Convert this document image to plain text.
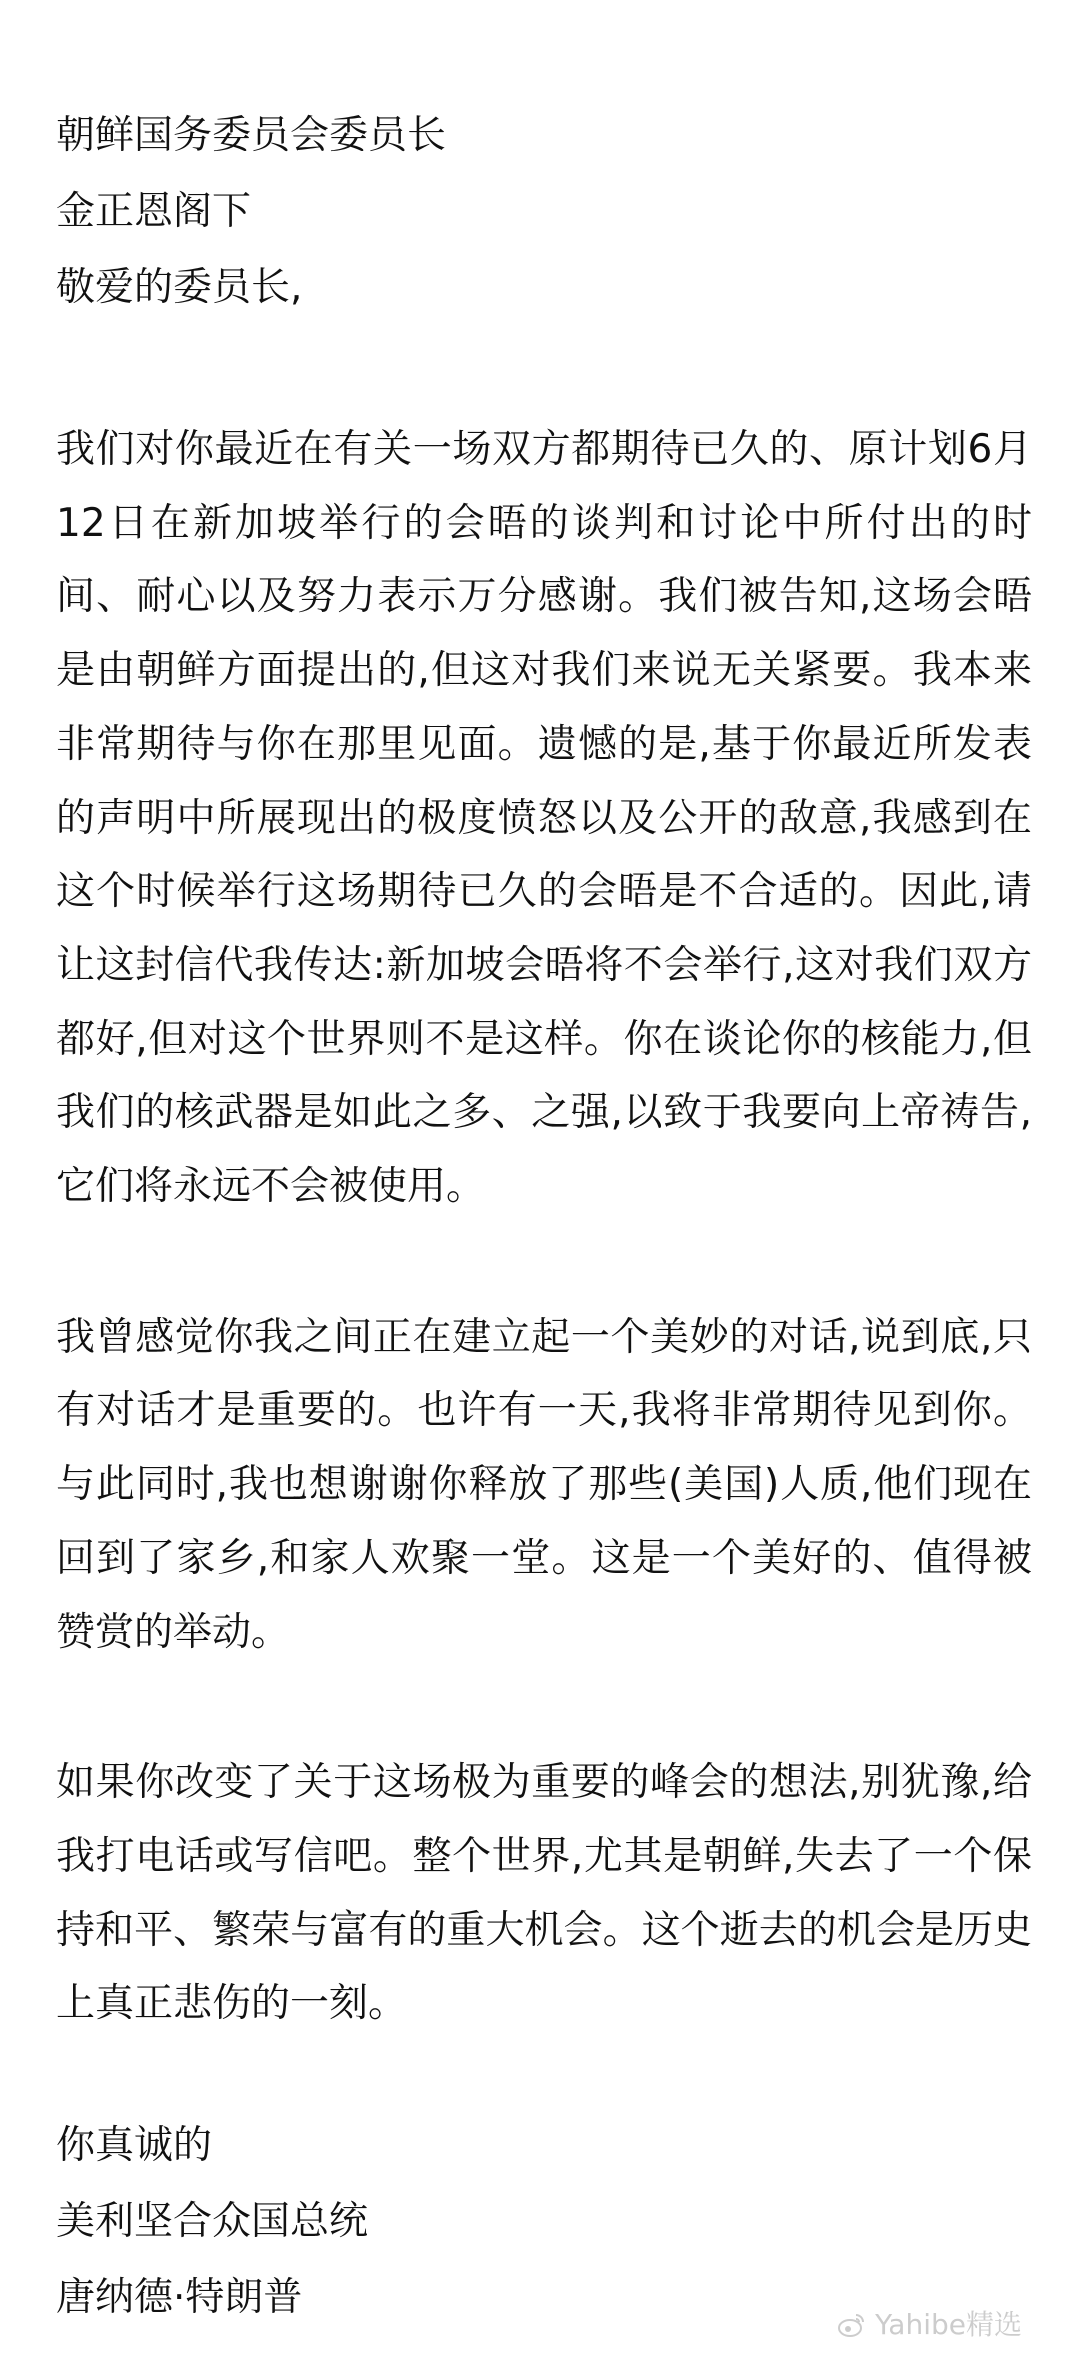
朝鲜国务委员会委员长
金正恩阁下
敬爱的委员长,

我们对你最近在有关一场双方都期待已久的、原计划6月12日在新加坡举行的会晤的谈判和讨论中所付出的时间、耐心以及努力表示万分感谢。我们被告知,这场会晤是由朝鲜方面提出的,但这对我们来说无关紧要。我本来非常期待与你在那里见面。遗憾的是,基于你最近所发表的声明中所展现出的极度愤怒以及公开的敌意,我感到在这个时候举行这场期待已久的会晤是不合适的。因此,请让这封信代我传达:新加坡会晤将不会举行,这对我们双方都好,但对这个世界则不是这样。你在谈论你的核能力,但我们的核武器是如此之多、之强,以致于我要向上帝祷告,它们将永远不会被使用。

我曾感觉你我之间正在建立起一个美妙的对话,说到底,只有对话才是重要的。也许有一天,我将非常期待见到你。与此同时,我也想谢谢你释放了那些(美国)人质,他们现在回到了家乡,和家人欢聚一堂。这是一个美好的、值得被赞赏的举动。

如果你改变了关于这场极为重要的峰会的想法,别犹豫,给我打电话或写信吧。整个世界,尤其是朝鲜,失去了一个保持和平、繁荣与富有的重大机会。这个逝去的机会是历史上真正悲伤的一刻。

你真诚的
美利坚合众国总统
唐纳德·特朗普
Yahibe精选
